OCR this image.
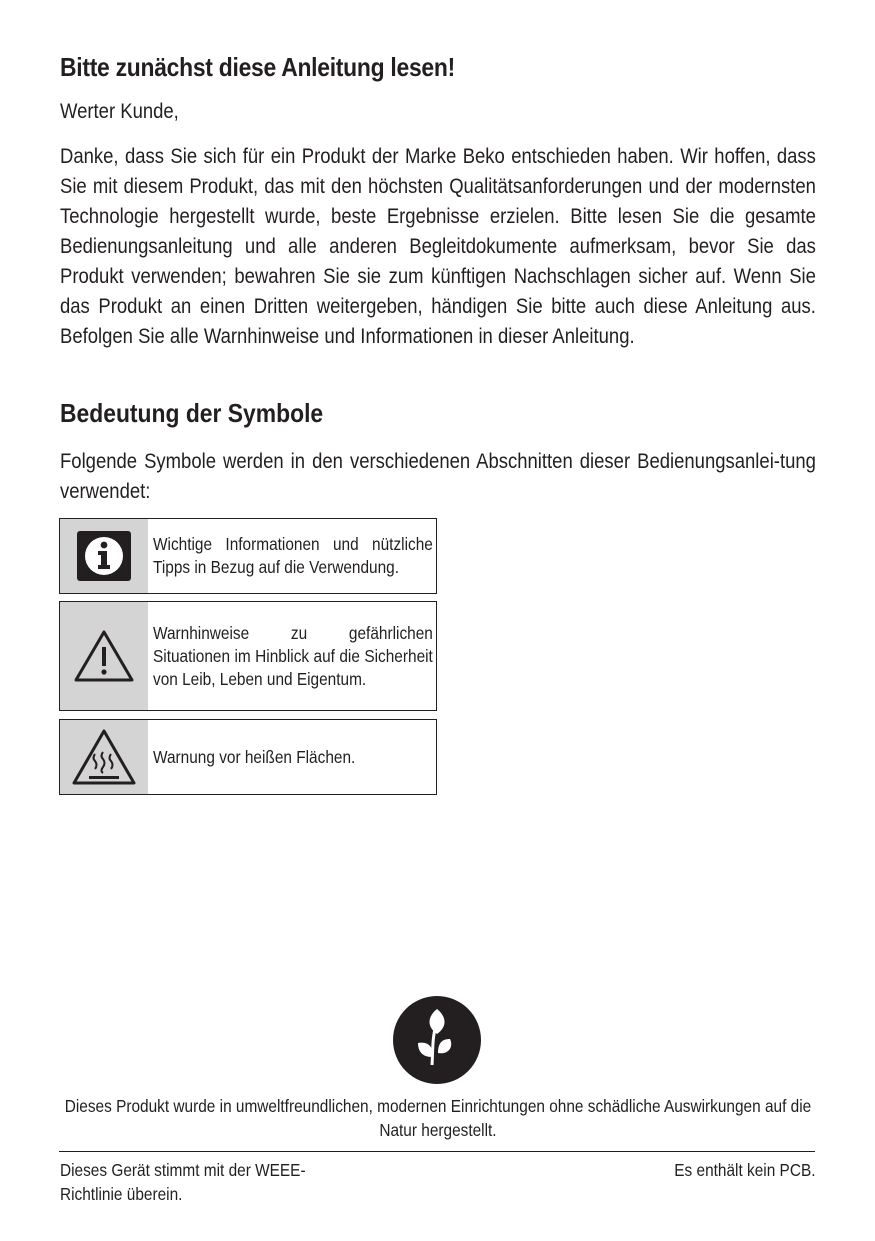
Bitte zunächst diese Anleitung lesen!
Werter Kunde,

Danke, dass Sie sich für ein Produkt der Marke Beko entschieden haben. Wir hoffen, dass Sie mit diesem Produkt, das mit den höchsten Qualitätsanforderungen und der modernsten Technologie hergestellt wurde, beste Ergebnisse erzielen. Bitte lesen Sie die gesamte Bedienungsanleitung und alle anderen Begleitdokumente aufmerksam, bevor Sie das Produkt verwenden; bewahren Sie sie zum künftigen Nachschlagen sicher auf. Wenn Sie das Produkt an einen Dritten weitergeben, händigen Sie bitte auch diese Anleitung aus. Befolgen Sie alle Warnhinweise und Informationen in dieser Anleitung.

Bedeutung der Symbole

Folgende Symbole werden in den verschiedenen Abschnitten dieser Bedienungsanlei-tung verwendet:

Wichtige Informationen und nützliche Tipps in Bezug auf die Verwendung.
Warnhinweise zu gefährlichen Situationen im Hinblick auf die Sicherheit von Leib, Leben und Eigentum.
Warnung vor heißen Flächen.

Dieses Produkt wurde in umweltfreundlichen, modernen Einrichtungen ohne schädliche Auswirkungen auf die Natur hergestellt.

Dieses Gerät stimmt mit der WEEE-Richtlinie überein.

Es enthält kein PCB.
